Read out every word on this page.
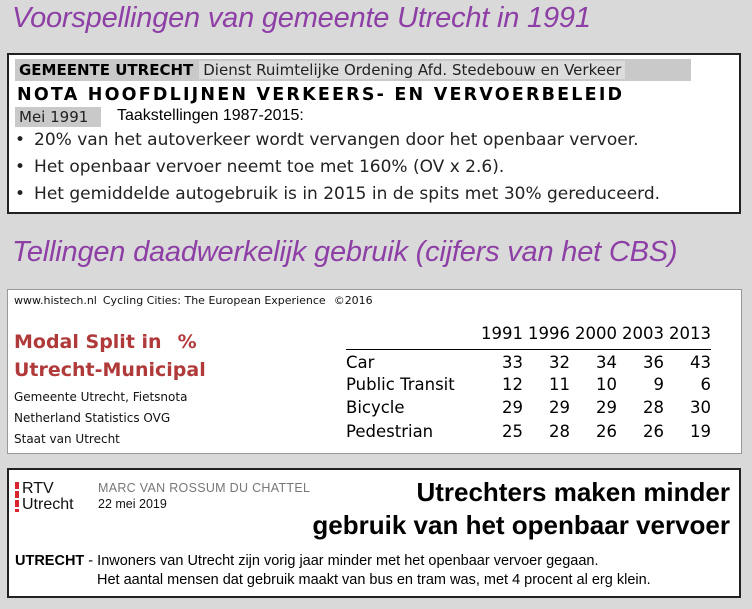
Voorspellingen van gemeente Utrecht in 1991
GEMEENTE UTRECHT Dienst Ruimtelijke Ordening Afd. Stedebouw en Verkeer
NOTA HOOFDLIJNEN VERKEERS- EN VERVOERBELEID
Mei 1991	Taakstellingen 1987-2015:
• 20% van het autoverkeer wordt vervangen door het openbaar vervoer.
• Het openbaar vervoer neemt toe met 160% (OV x 2.6).
• Het gemiddelde autogebruik is in 2015 in de spits met 30% gereduceerd.
Tellingen daadwerkelijk gebruik (cijfers van het CBS)
www.histech.nl Cycling Cities: The European Experience ©2016
Modal Split in %
Utrecht-Municipal
Gemeente Utrecht, Fietsnota
Netherland Statistics OVG
Staat van Utrecht
	1991	1996	2000	2003	2013
Car	33	32	34	36	43
Public Transit	12	11	10	9	6
Bicycle	29	29	29	28	30
Pedestrian	25	28	26	26	19
RTV
Utrecht
MARC VAN ROSSUM DU CHATTEL
22 mei 2019	Utrechters maken minder
gebruik van het openbaar vervoer
UTRECHT - Inwoners van Utrecht zijn vorig jaar minder met het openbaar vervoer gegaan.
Het aantal mensen dat gebruik maakt van bus en tram was, met 4 procent al erg klein.
